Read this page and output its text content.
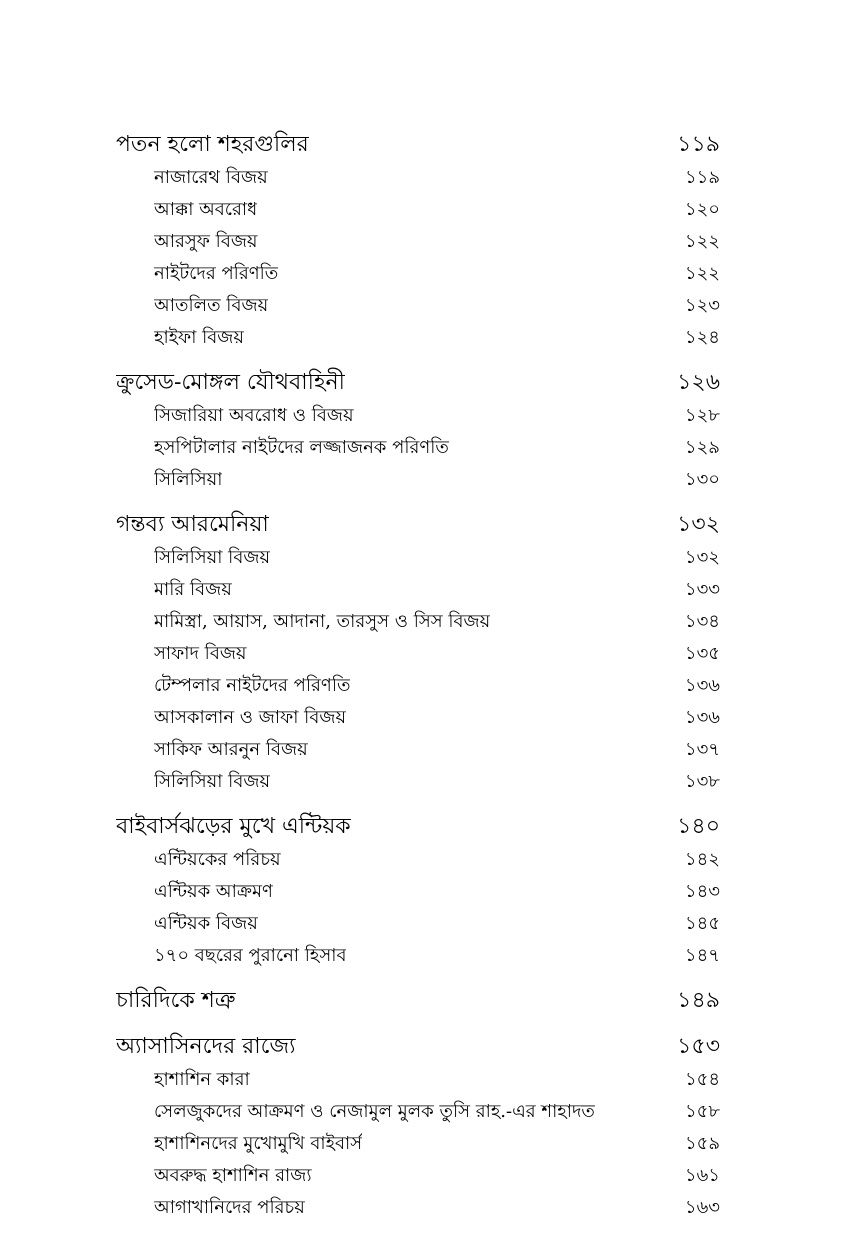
পতন হলো শহরগুলির	১১৯
নাজারেথ বিজয়	১১৯
আক্কা অবরোধ	১২০
আরসুফ বিজয়	১২২
নাইটদের পরিণতি	১২২
আতলিত বিজয়	১২৩
হাইফা বিজয়	১২৪
ক্রুসেড-মোঙ্গল যৌথবাহিনী	১২৬
সিজারিয়া অবরোধ ও বিজয়	১২৮
হসপিটালার নাইটদের লজ্জাজনক পরিণতি	১২৯
সিলিসিয়া	১৩০
গন্তব্য আরমেনিয়া	১৩২
সিলিসিয়া বিজয়	১৩২
মারি বিজয়	১৩৩
মামিস্ত্রা, আয়াস, আদানা, তারসুস ও সিস বিজয়	১৩৪
সাফাদ বিজয়	১৩৫
টেম্পলার নাইটদের পরিণতি	১৩৬
আসকালান ও জাফা বিজয়	১৩৬
সাকিফ আরনুন বিজয়	১৩৭
সিলিসিয়া বিজয়	১৩৮
বাইবার্সঝড়ের মুখে এন্টিয়ক	১৪০
এন্টিয়কের পরিচয়	১৪২
এন্টিয়ক আক্রমণ	১৪৩
এন্টিয়ক বিজয়	১৪৫
১৭০ বছরের পুরানো হিসাব	১৪৭
চারিদিকে শত্রু	১৪৯
অ্যাসাসিনদের রাজ্যে	১৫৩
হাশাশিন কারা	১৫৪
সেলজুকদের আক্রমণ ও নেজামুল মুলক তুসি রাহ.-এর শাহাদত	১৫৮
হাশাশিনদের মুখোমুখি বাইবার্স	১৫৯
অবরুদ্ধ হাশাশিন রাজ্য	১৬১
আগাখানিদের পরিচয়	১৬৩
